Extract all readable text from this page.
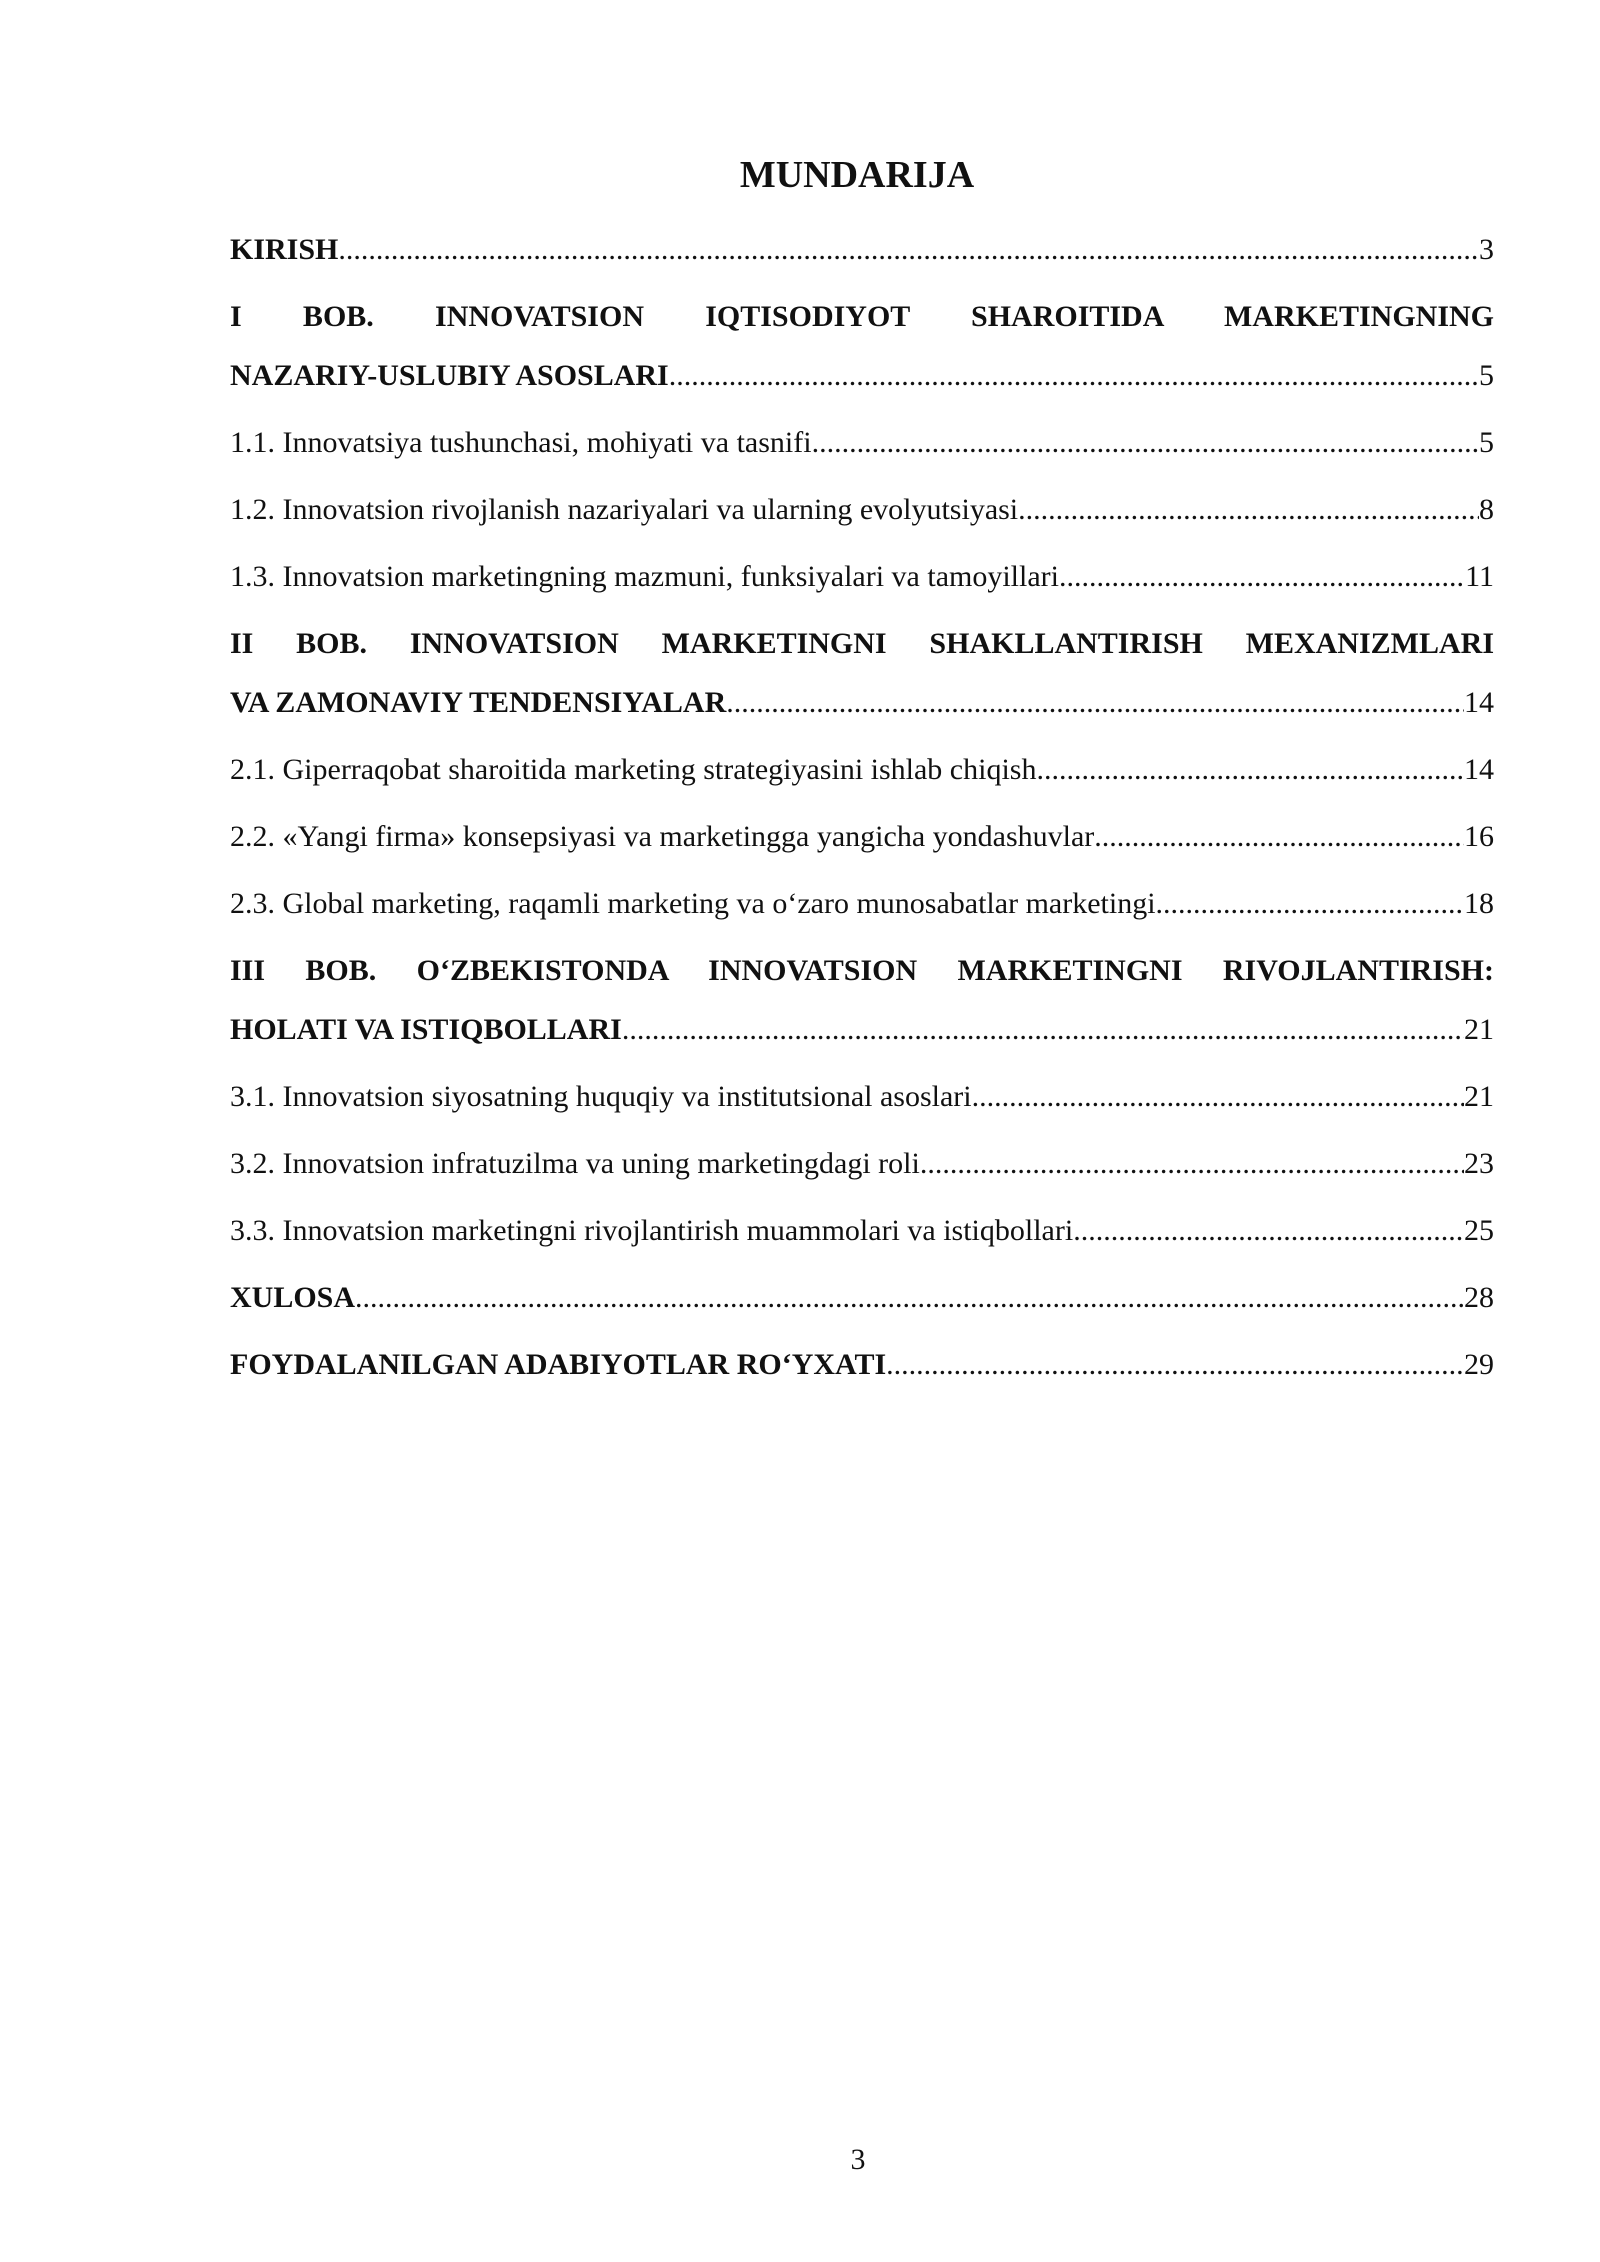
MUNDARIJA
KIRISH .....	3
I BOB. INNOVATSION IQTISODIYOT SHAROITIDA MARKETINGNING
NAZARIY-USLUBIY ASOSLARI .....	5
1.1. Innovatsiya tushunchasi, mohiyati va tasnifi .....	5
1.2. Innovatsion rivojlanish nazariyalari va ularning evolyutsiyasi .....	8
1.3. Innovatsion marketingning mazmuni, funksiyalari va tamoyillari .....	11
II BOB. INNOVATSION MARKETINGNI SHAKLLANTIRISH MEXANIZMLARI
VA ZAMONAVIY TENDENSIYALAR .....	14
2.1. Giperraqobat sharoitida marketing strategiyasini ishlab chiqish .....	14
2.2. «Yangi firma» konsepsiyasi va marketingga yangicha yondashuvlar .....	16
2.3. Global marketing, raqamli marketing va o‘zaro munosabatlar marketingi .....	18
III BOB. O‘ZBEKISTONDA INNOVATSION MARKETINGNI RIVOJLANTIRISH:
HOLATI VA ISTIQBOLLARI .....	21
3.1. Innovatsion siyosatning huquqiy va institutsional asoslari .....	21
3.2. Innovatsion infratuzilma va uning marketingdagi roli .....	23
3.3. Innovatsion marketingni rivojlantirish muammolari va istiqbollari .....	25
XULOSA .....	28
FOYDALANILGAN ADABIYOTLAR RO‘YXATI .....	29
3
